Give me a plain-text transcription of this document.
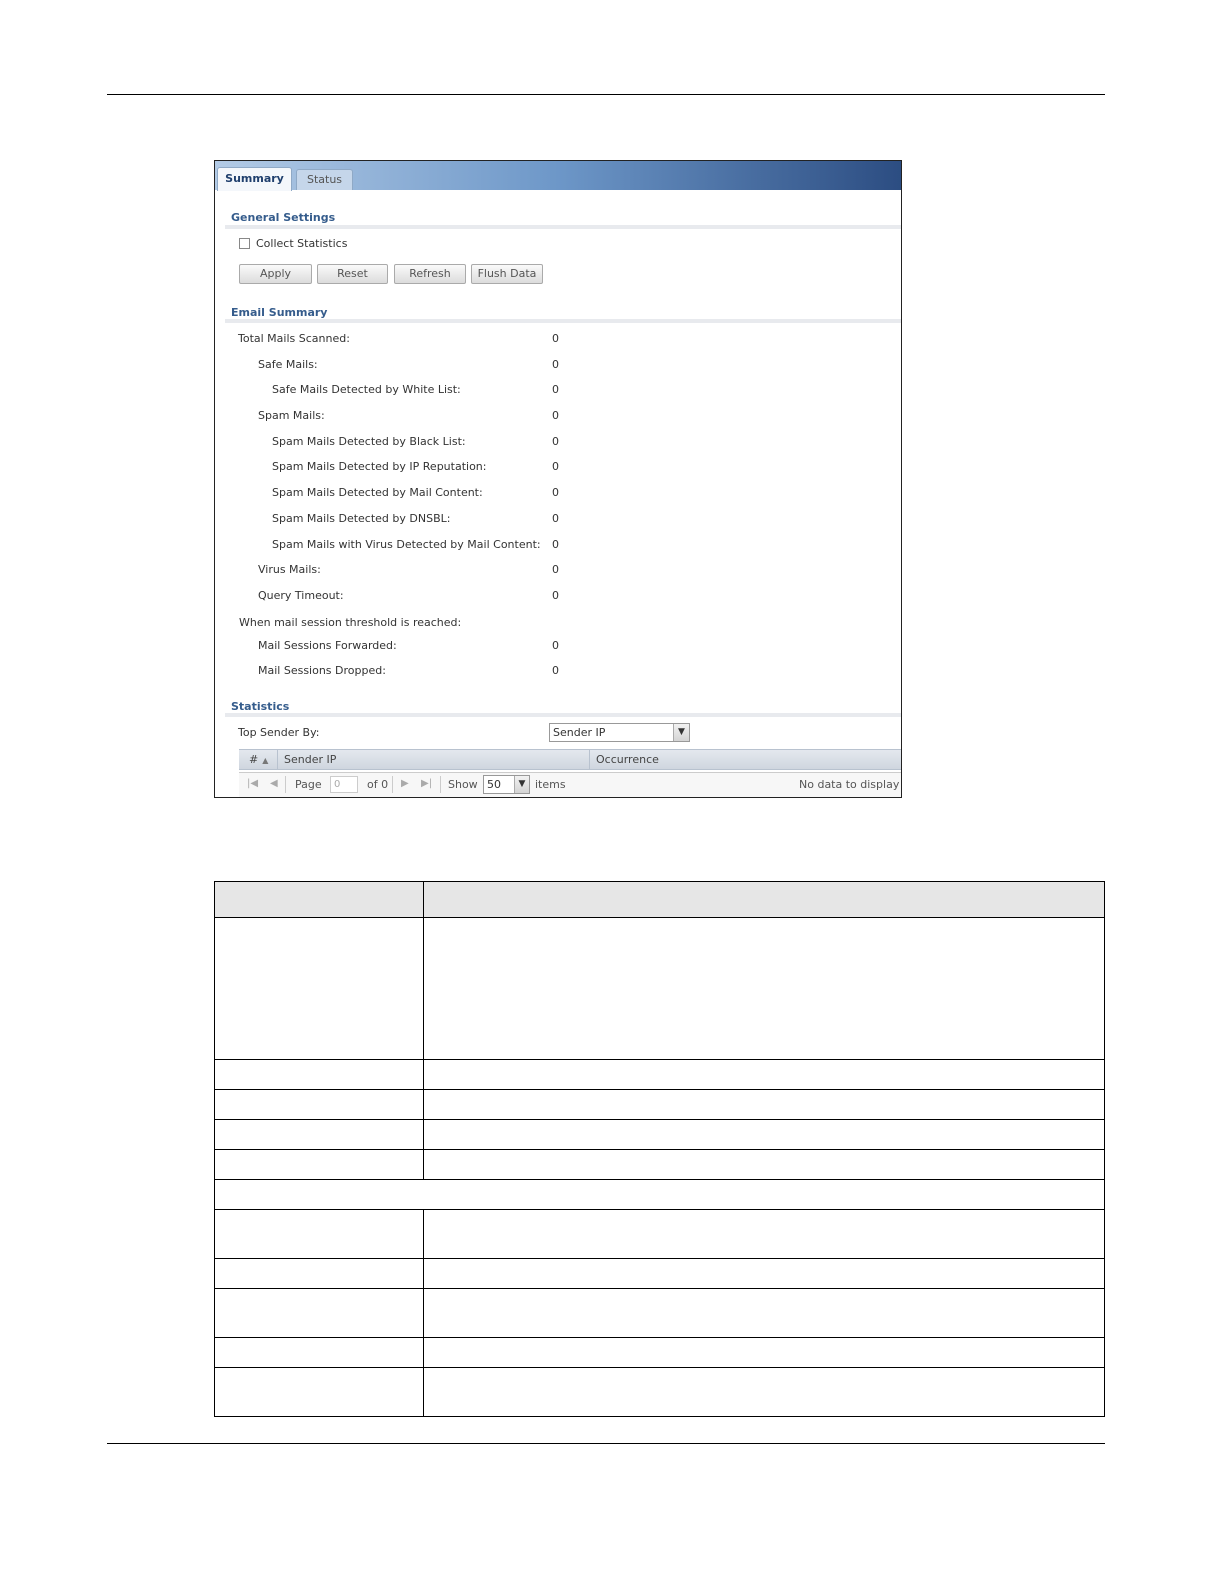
Summary	Status
General Settings
Collect Statistics
Apply	Reset	Refresh	Flush Data
Email Summary
Total Mails Scanned:	0
Safe Mails:	0
Safe Mails Detected by White List:	0
Spam Mails:	0
Spam Mails Detected by Black List:	0
Spam Mails Detected by IP Reputation:	0
Spam Mails Detected by Mail Content:	0
Spam Mails Detected by DNSBL:	0
Spam Mails with Virus Detected by Mail Content: 0
Virus Mails:	0
Query Timeout:	0
When mail session threshold is reached:
Mail Sessions Forwarded:	0
Mail Sessions Dropped:	0
Statistics
Top Sender By:	Sender IP	▼
# ▲ Sender IP	Occurrence
|◀ ◀ Page	0	of 0 ▶ ▶| Show 50	▼ items	No data to display
